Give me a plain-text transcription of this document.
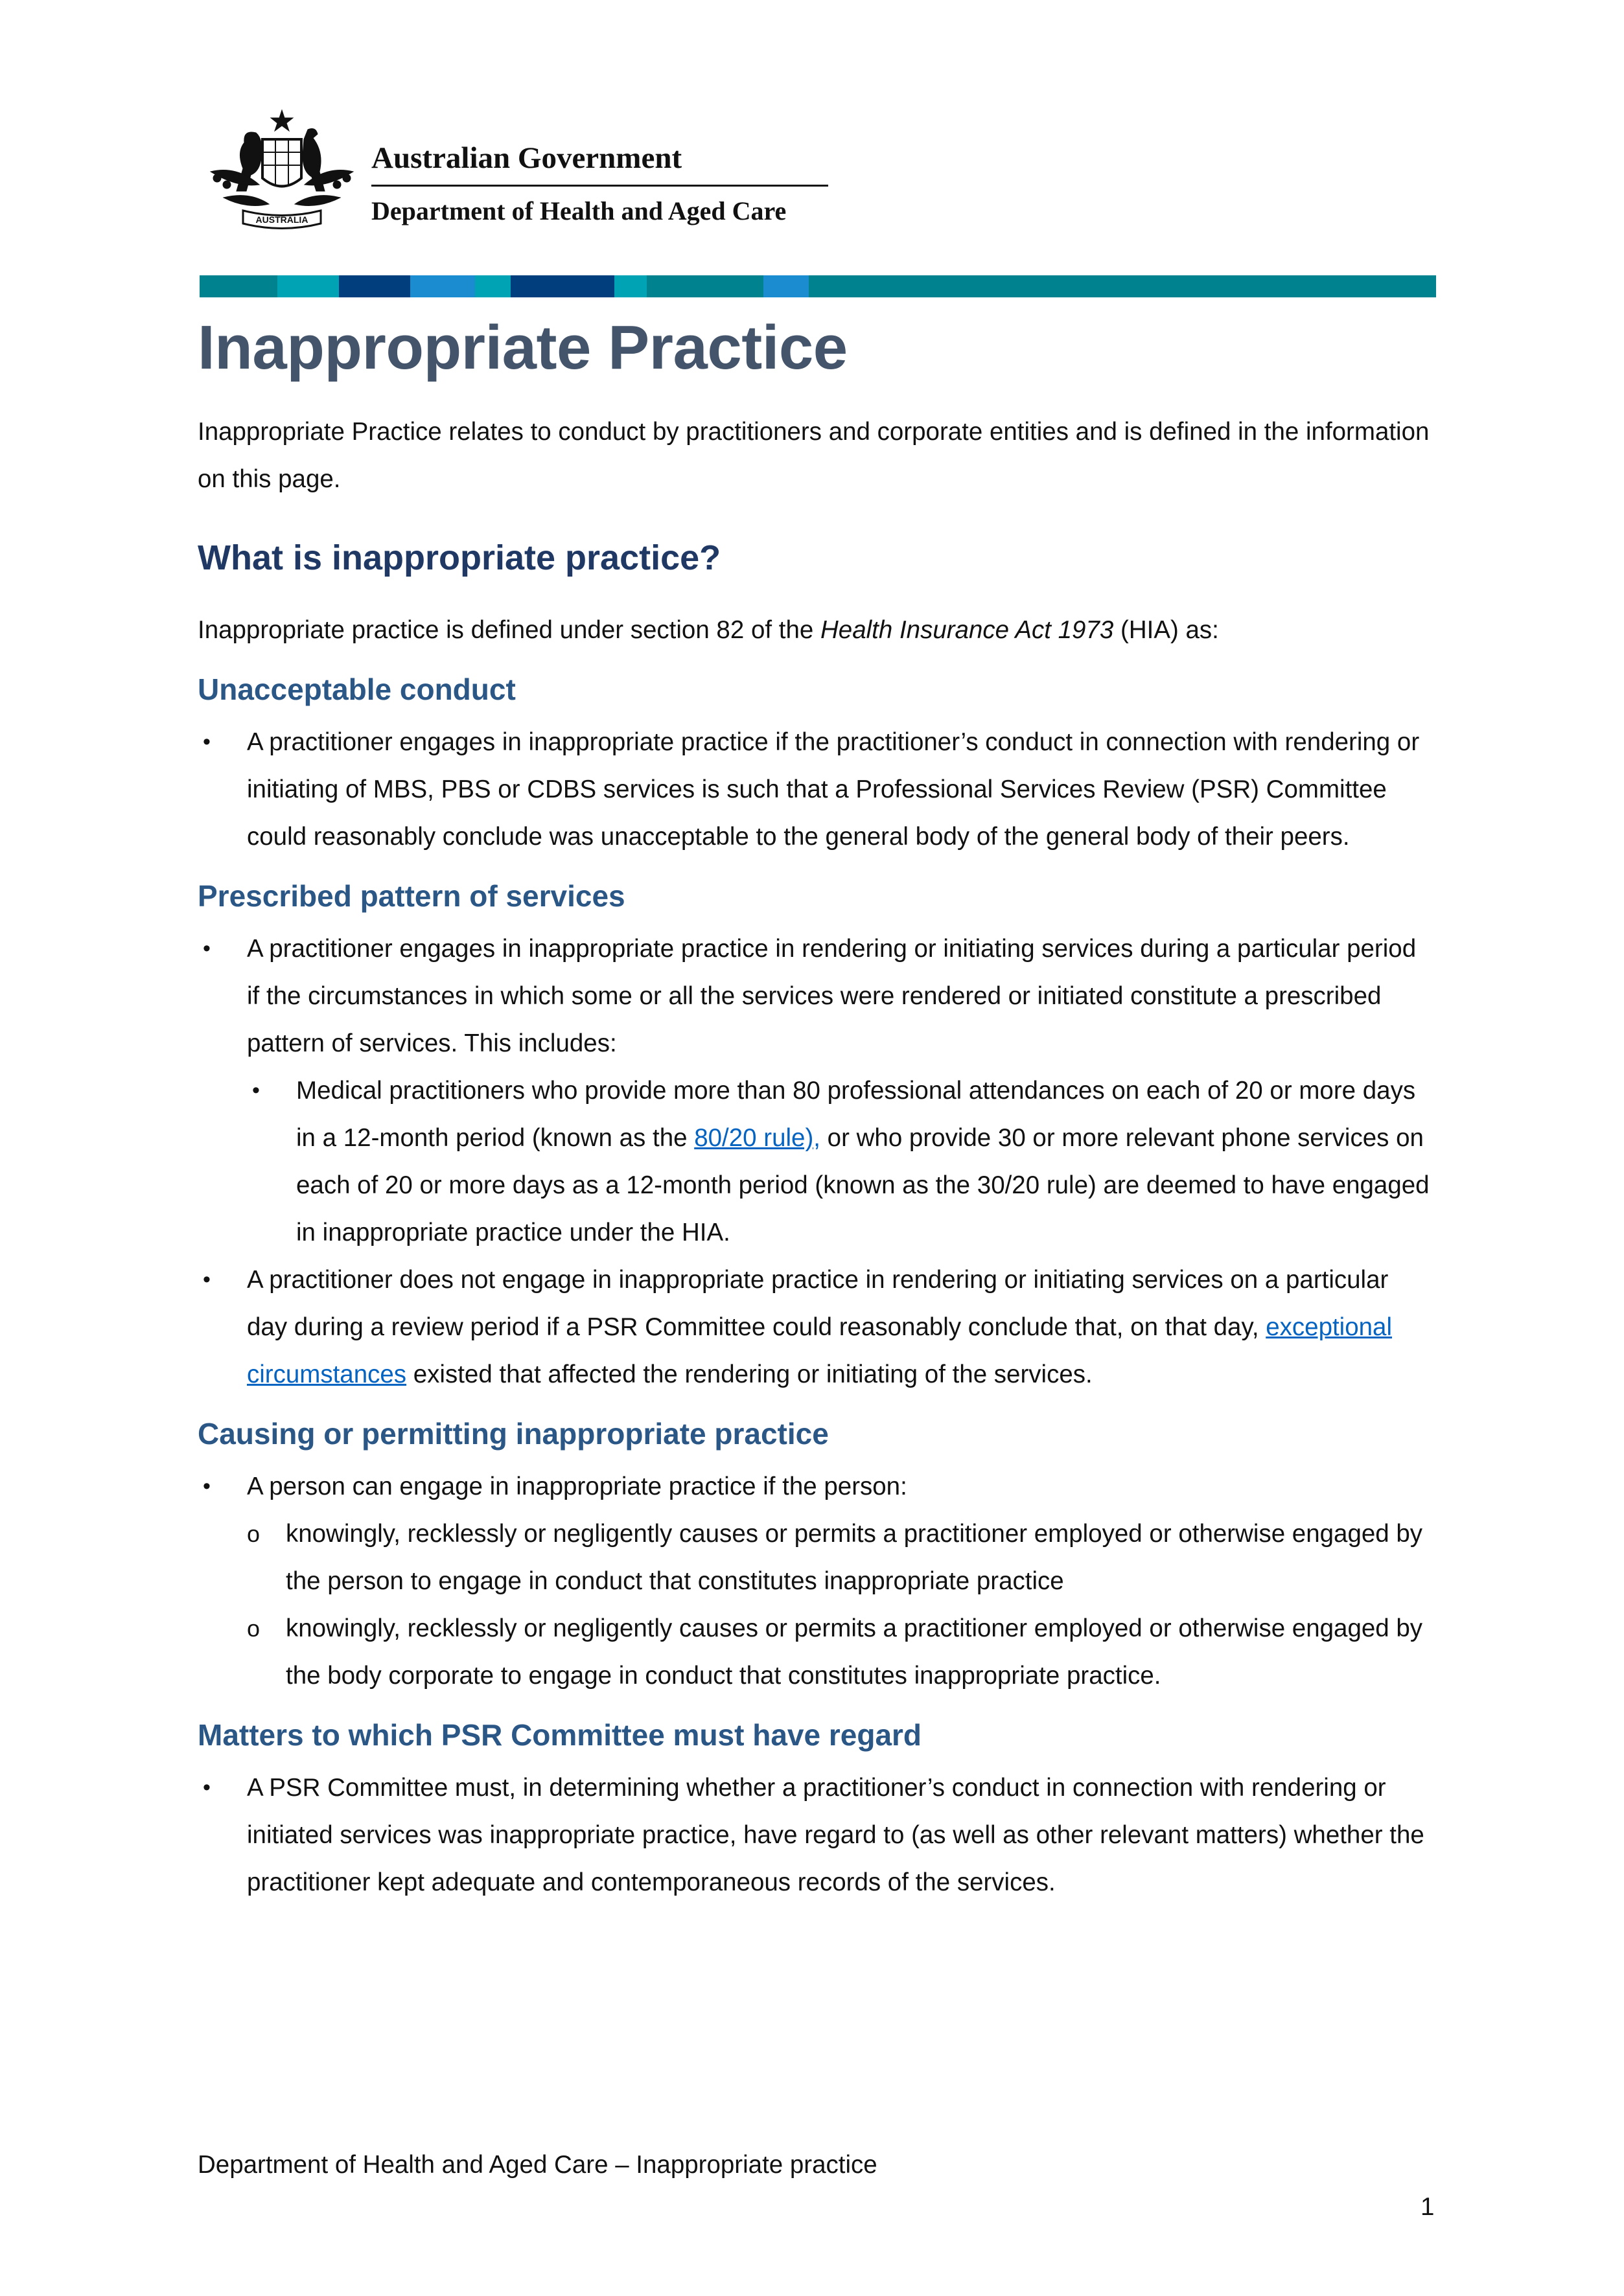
AUSTRALIA
Australian Government
Department of Health and Aged Care
Inappropriate Practice

Inappropriate Practice relates to conduct by practitioners and corporate entities and is defined in the information on this page.

What is inappropriate practice?

Inappropriate practice is defined under section 82 of the Health Insurance Act 1973 (HIA) as:

Unacceptable conduct
• A practitioner engages in inappropriate practice if the practitioner’s conduct in connection with rendering or initiating of MBS, PBS or CDBS services is such that a Professional Services Review (PSR) Committee could reasonably conclude was unacceptable to the general body of the general body of their peers.
Prescribed pattern of services
• A practitioner engages in inappropriate practice in rendering or initiating services during a particular period if the circumstances in which some or all the services were rendered or initiated constitute a prescribed pattern of services. This includes:
• Medical practitioners who provide more than 80 professional attendances on each of 20 or more days in a 12-month period (known as the 80/20 rule), or who provide 30 or more relevant phone services on each of 20 or more days as a 12-month period (known as the 30/20 rule) are deemed to have engaged in inappropriate practice under the HIA.
• A practitioner does not engage in inappropriate practice in rendering or initiating services on a particular day during a review period if a PSR Committee could reasonably conclude that, on that day, exceptional circumstances existed that affected the rendering or initiating of the services.
Causing or permitting inappropriate practice
• A person can engage in inappropriate practice if the person:
o knowingly, recklessly or negligently causes or permits a practitioner employed or otherwise engaged by the person to engage in conduct that constitutes inappropriate practice
o knowingly, recklessly or negligently causes or permits a practitioner employed or otherwise engaged by the body corporate to engage in conduct that constitutes inappropriate practice.
Matters to which PSR Committee must have regard
• A PSR Committee must, in determining whether a practitioner’s conduct in connection with rendering or initiated services was inappropriate practice, have regard to (as well as other relevant matters) whether the practitioner kept adequate and contemporaneous records of the services.
Department of Health and Aged Care – Inappropriate practice
1
